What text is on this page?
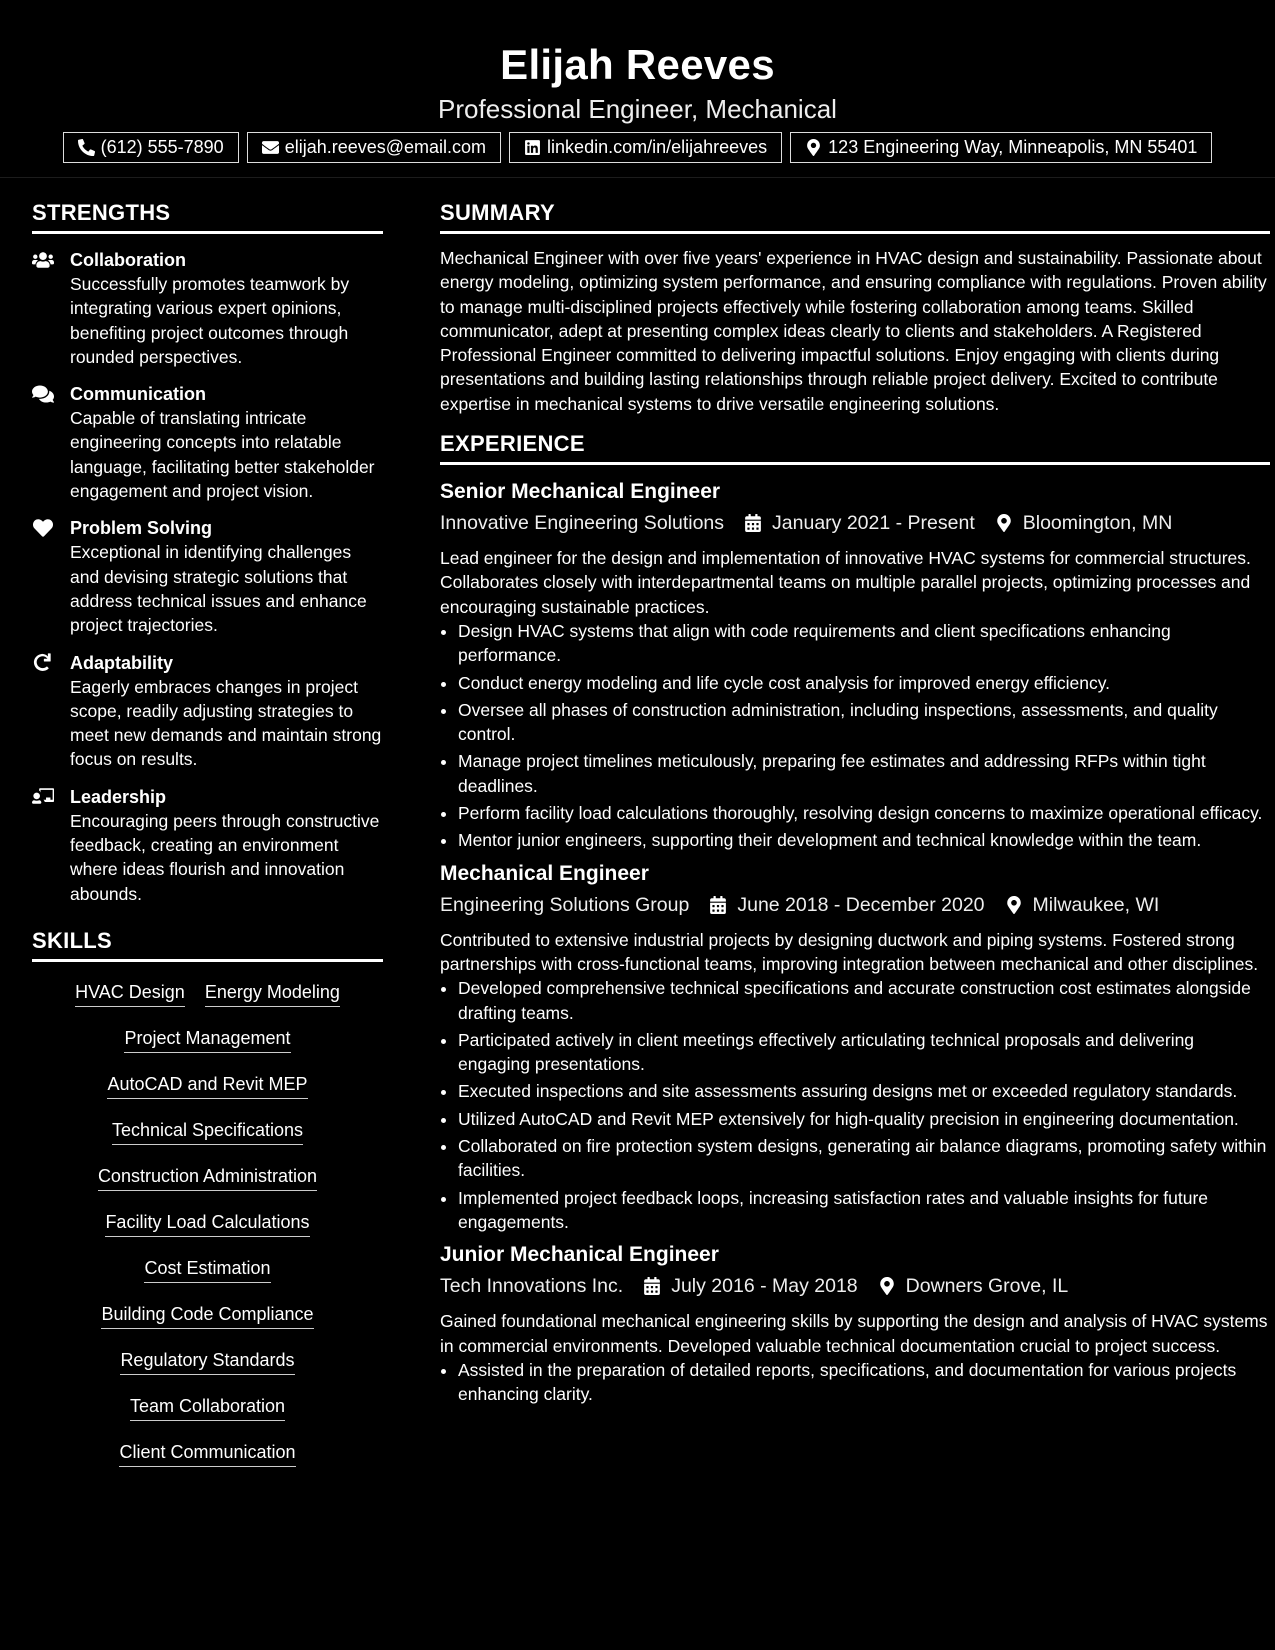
Elijah Reeves
Professional Engineer, Mechanical
(612) 555-7890	elijah.reeves@email.com	linkedin.com/in/elijahreeves	123 Engineering Way, Minneapolis, MN 55401
STRENGTHS
Collaboration
Successfully promotes teamwork by integrating various expert opinions, benefiting project outcomes through rounded perspectives.
Communication
Capable of translating intricate engineering concepts into relatable language, facilitating better stakeholder engagement and project vision.
Problem Solving
Exceptional in identifying challenges and devising strategic solutions that address technical issues and enhance project trajectories.
Adaptability
Eagerly embraces changes in project scope, readily adjusting strategies to meet new demands and maintain strong focus on results.
Leadership
Encouraging peers through constructive feedback, creating an environment where ideas flourish and innovation abounds.
SKILLS
HVAC Design Energy Modeling
Project Management
AutoCAD and Revit MEP
Technical Specifications
Construction Administration
Facility Load Calculations
Cost Estimation
Building Code Compliance
Regulatory Standards
Team Collaboration
Client Communication
SUMMARY

Mechanical Engineer with over five years' experience in HVAC design and sustainability. Passionate about energy modeling, optimizing system performance, and ensuring compliance with regulations. Proven ability to manage multi-disciplined projects effectively while fostering collaboration among teams. Skilled communicator, adept at presenting complex ideas clearly to clients and stakeholders. A Registered Professional Engineer committed to delivering impactful solutions. Enjoy engaging with clients during presentations and building lasting relationships through reliable project delivery. Excited to contribute expertise in mechanical systems to drive versatile engineering solutions.

EXPERIENCE
Senior Mechanical Engineer
Innovative Engineering Solutions January 2021 - Present Bloomington, MN
Lead engineer for the design and implementation of innovative HVAC systems for commercial structures. Collaborates closely with interdepartmental teams on multiple parallel projects, optimizing processes and encouraging sustainable practices.
• Design HVAC systems that align with code requirements and client specifications enhancing performance.
• Conduct energy modeling and life cycle cost analysis for improved energy efficiency.
• Oversee all phases of construction administration, including inspections, assessments, and quality control.
• Manage project timelines meticulously, preparing fee estimates and addressing RFPs within tight deadlines.
• Perform facility load calculations thoroughly, resolving design concerns to maximize operational efficacy.
• Mentor junior engineers, supporting their development and technical knowledge within the team.
Mechanical Engineer
Engineering Solutions Group June 2018 - December 2020 Milwaukee, WI
Contributed to extensive industrial projects by designing ductwork and piping systems. Fostered strong partnerships with cross-functional teams, improving integration between mechanical and other disciplines.
• Developed comprehensive technical specifications and accurate construction cost estimates alongside drafting teams.
• Participated actively in client meetings effectively articulating technical proposals and delivering engaging presentations.
• Executed inspections and site assessments assuring designs met or exceeded regulatory standards.
• Utilized AutoCAD and Revit MEP extensively for high-quality precision in engineering documentation.
• Collaborated on fire protection system designs, generating air balance diagrams, promoting safety within facilities.
• Implemented project feedback loops, increasing satisfaction rates and valuable insights for future engagements.
Junior Mechanical Engineer
Tech Innovations Inc. July 2016 - May 2018 Downers Grove, IL
Gained foundational mechanical engineering skills by supporting the design and analysis of HVAC systems in commercial environments. Developed valuable technical documentation crucial to project success.
• Assisted in the preparation of detailed reports, specifications, and documentation for various projects enhancing clarity.
